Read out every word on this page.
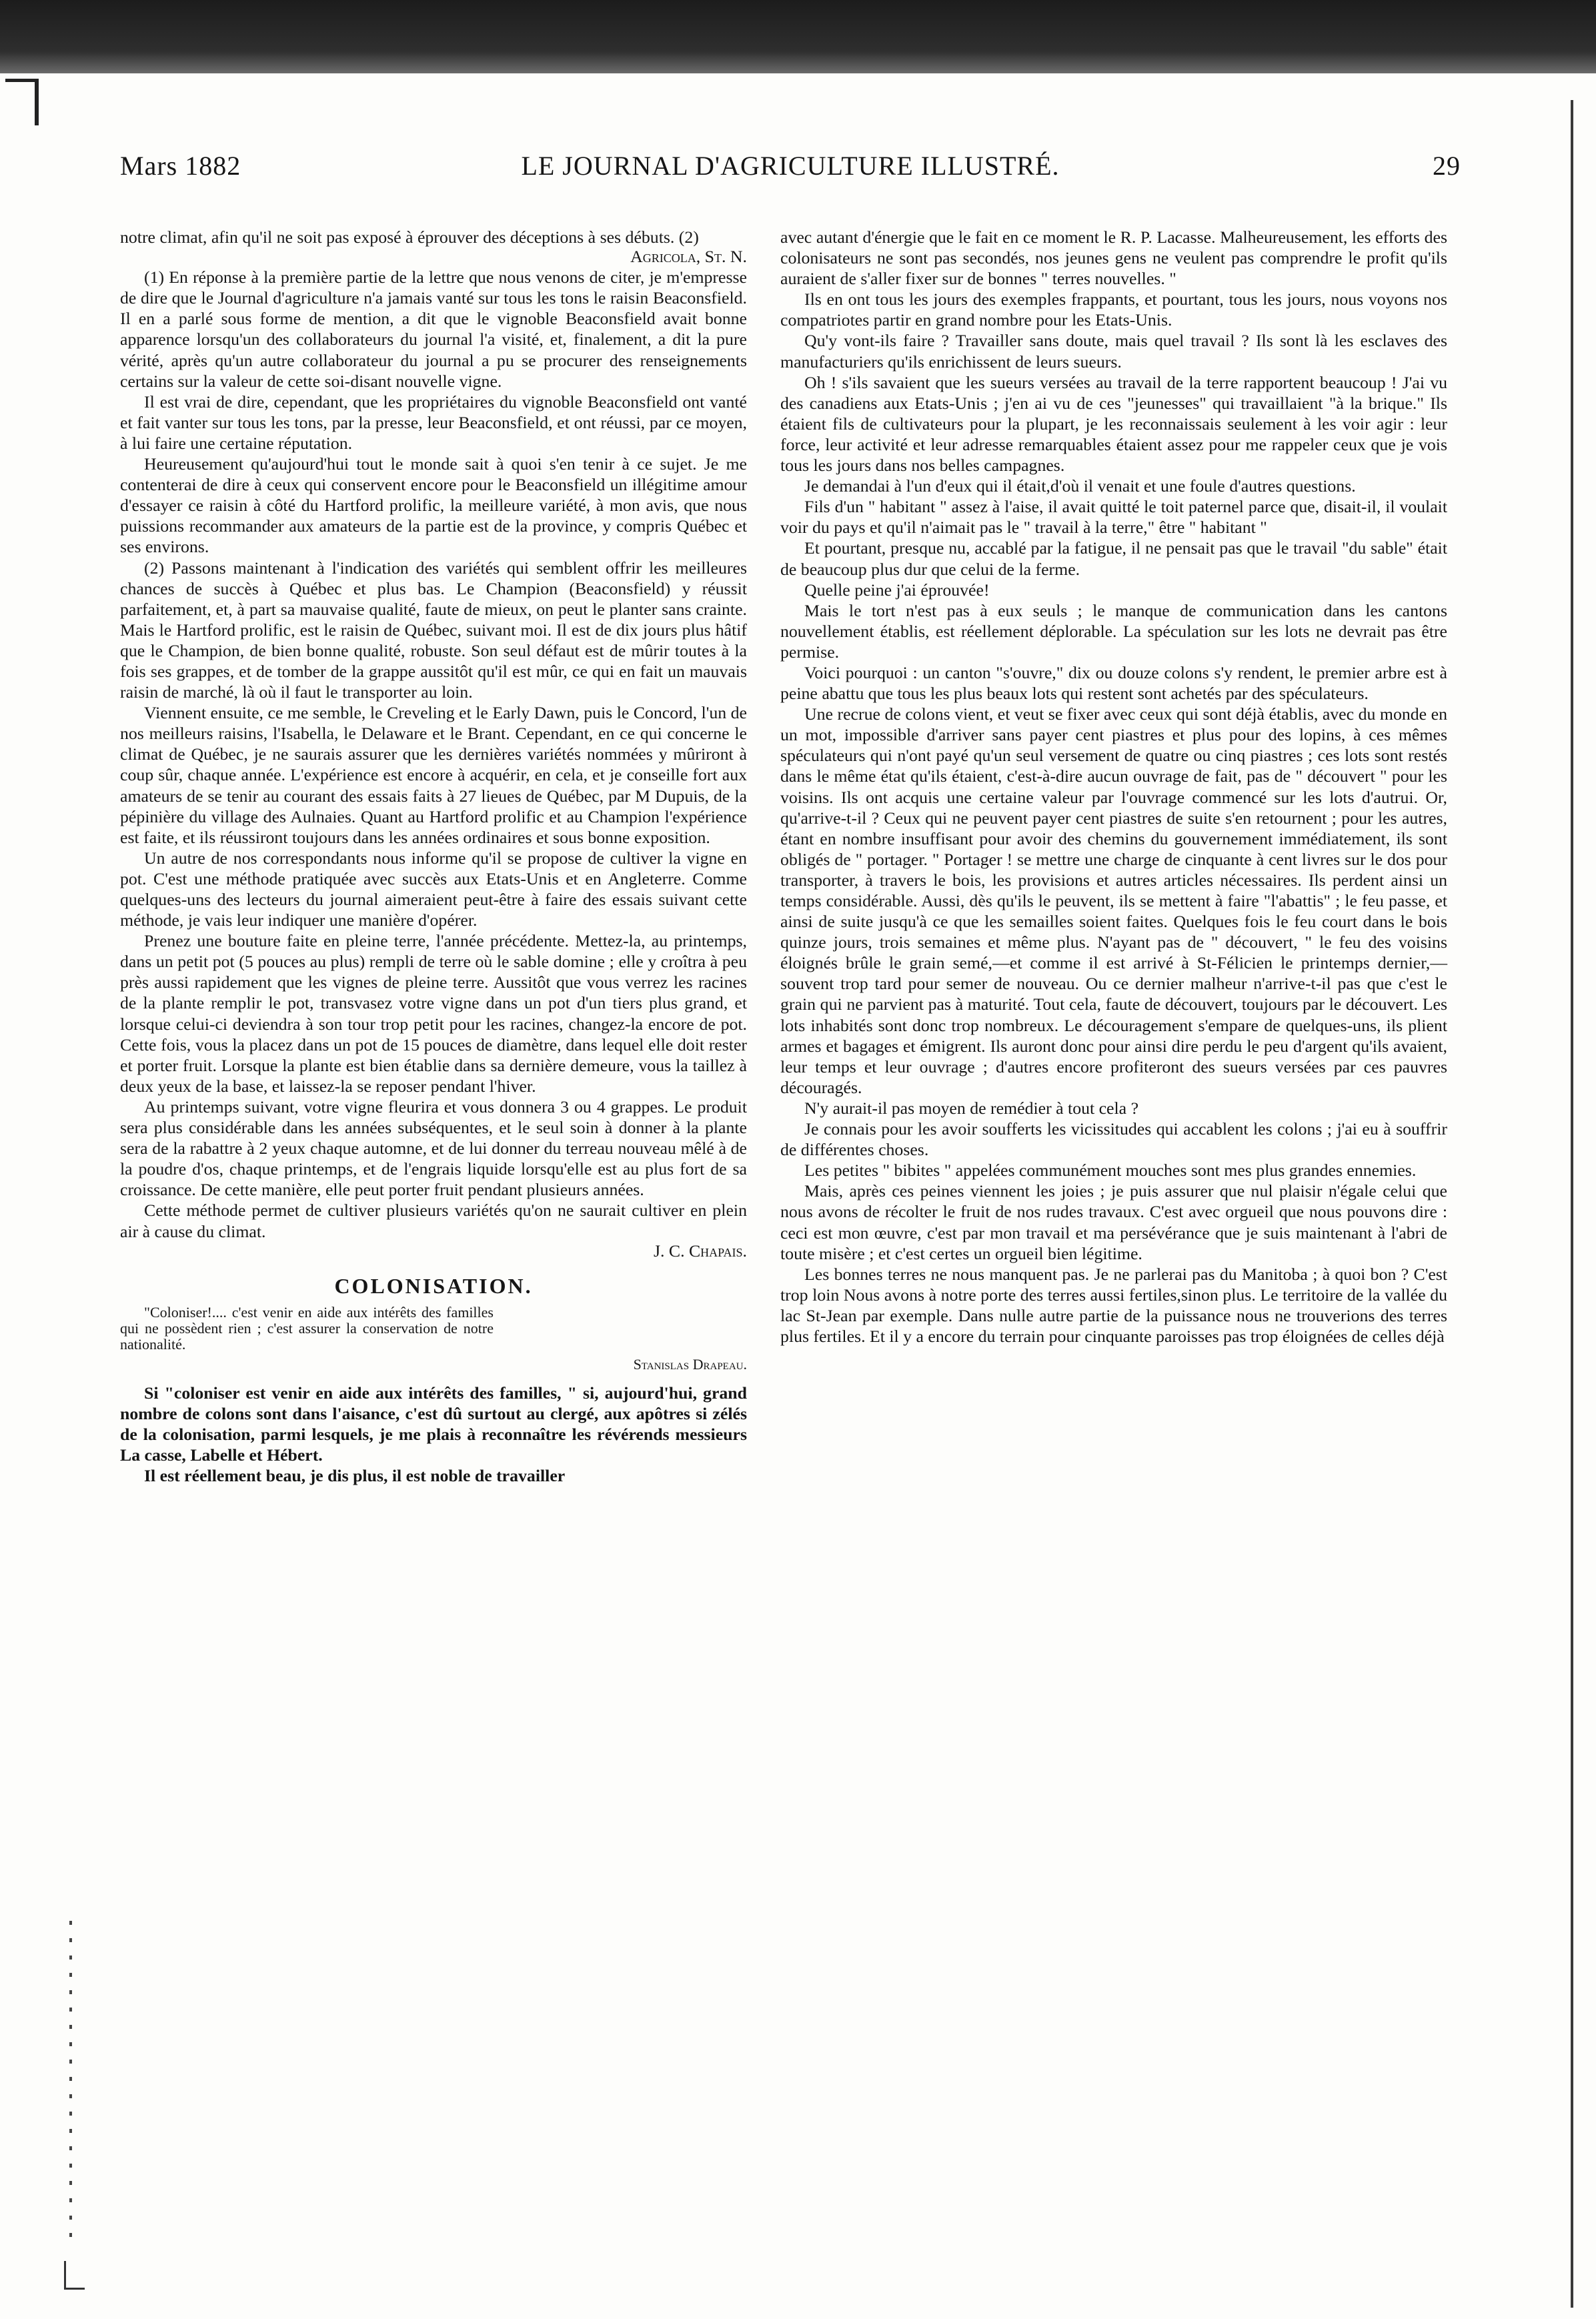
Mars 1882	LE JOURNAL D'AGRICULTURE ILLUSTRÉ.	29

notre climat, afin qu'il ne soit pas exposé à éprouver des déceptions à ses débuts. (2)

Agricola, St. N.

(1) En réponse à la première partie de la lettre que nous venons de citer, je m'empresse de dire que le Journal d'agriculture n'a jamais vanté sur tous les tons le raisin Beaconsfield. Il en a parlé sous forme de mention, a dit que le vignoble Beaconsfield avait bonne apparence lorsqu'un des collaborateurs du journal l'a visité, et, finalement, a dit la pure vérité, après qu'un autre collaborateur du journal a pu se procurer des renseignements certains sur la valeur de cette soi-disant nouvelle vigne.

Il est vrai de dire, cependant, que les propriétaires du vignoble Beaconsfield ont vanté et fait vanter sur tous les tons, par la presse, leur Beaconsfield, et ont réussi, par ce moyen, à lui faire une certaine réputation.

Heureusement qu'aujourd'hui tout le monde sait à quoi s'en tenir à ce sujet. Je me contenterai de dire à ceux qui conservent encore pour le Beaconsfield un illégitime amour d'essayer ce raisin à côté du Hartford prolific, la meilleure variété, à mon avis, que nous puissions recommander aux amateurs de la partie est de la province, y compris Québec et ses environs.

(2) Passons maintenant à l'indication des variétés qui semblent offrir les meilleures chances de succès à Québec et plus bas. Le Champion (Beaconsfield) y réussit parfaitement, et, à part sa mauvaise qualité, faute de mieux, on peut le planter sans crainte. Mais le Hartford prolific, est le raisin de Québec, suivant moi. Il est de dix jours plus hâtif que le Champion, de bien bonne qualité, robuste. Son seul défaut est de mûrir toutes à la fois ses grappes, et de tomber de la grappe aussitôt qu'il est mûr, ce qui en fait un mauvais raisin de marché, là où il faut le transporter au loin.

Viennent ensuite, ce me semble, le Creveling et le Early Dawn, puis le Concord, l'un de nos meilleurs raisins, l'Isabella, le Delaware et le Brant. Cependant, en ce qui concerne le climat de Québec, je ne saurais assurer que les dernières variétés nommées y mûriront à coup sûr, chaque année. L'expérience est encore à acquérir, en cela, et je conseille fort aux amateurs de se tenir au courant des essais faits à 27 lieues de Québec, par M Dupuis, de la pépinière du village des Aulnaies. Quant au Hartford prolific et au Champion l'expérience est faite, et ils réussiront toujours dans les années ordinaires et sous bonne exposition.

Un autre de nos correspondants nous informe qu'il se propose de cultiver la vigne en pot. C'est une méthode pratiquée avec succès aux Etats-Unis et en Angleterre. Comme quelques-uns des lecteurs du journal aimeraient peut-être à faire des essais suivant cette méthode, je vais leur indiquer une manière d'opérer.

Prenez une bouture faite en pleine terre, l'année précédente. Mettez-la, au printemps, dans un petit pot (5 pouces au plus) rempli de terre où le sable domine ; elle y croîtra à peu près aussi rapidement que les vignes de pleine terre. Aussitôt que vous verrez les racines de la plante remplir le pot, transvasez votre vigne dans un pot d'un tiers plus grand, et lorsque celui-ci deviendra à son tour trop petit pour les racines, changez-la encore de pot. Cette fois, vous la placez dans un pot de 15 pouces de diamètre, dans lequel elle doit rester et porter fruit. Lorsque la plante est bien établie dans sa dernière demeure, vous la taillez à deux yeux de la base, et laissez-la se reposer pendant l'hiver.

Au printemps suivant, votre vigne fleurira et vous donnera 3 ou 4 grappes. Le produit sera plus considérable dans les années subséquentes, et le seul soin à donner à la plante sera de la rabattre à 2 yeux chaque automne, et de lui donner du terreau nouveau mêlé à de la poudre d'os, chaque printemps, et de l'engrais liquide lorsqu'elle est au plus fort de sa croissance. De cette manière, elle peut porter fruit pendant plusieurs années.

Cette méthode permet de cultiver plusieurs variétés qu'on ne saurait cultiver en plein air à cause du climat.

J. C. Chapais.
COLONISATION.

"Coloniser!.... c'est venir en aide aux intérêts des familles qui ne possèdent rien ; c'est assurer la conservation de notre nationalité.

Stanislas Drapeau.

Si "coloniser est venir en aide aux intérêts des familles, " si, aujourd'hui, grand nombre de colons sont dans l'aisance, c'est dû surtout au clergé, aux apôtres si zélés de la colonisation, parmi lesquels, je me plais à reconnaître les révérends messieurs La casse, Labelle et Hébert.

Il est réellement beau, je dis plus, il est noble de travailler

avec autant d'énergie que le fait en ce moment le R. P. Lacasse. Malheureusement, les efforts des colonisateurs ne sont pas secondés, nos jeunes gens ne veulent pas comprendre le profit qu'ils auraient de s'aller fixer sur de bonnes " terres nouvelles. "

Ils en ont tous les jours des exemples frappants, et pourtant, tous les jours, nous voyons nos compatriotes partir en grand nombre pour les Etats-Unis.

Qu'y vont-ils faire ? Travailler sans doute, mais quel travail ? Ils sont là les esclaves des manufacturiers qu'ils enrichissent de leurs sueurs.

Oh ! s'ils savaient que les sueurs versées au travail de la terre rapportent beaucoup ! J'ai vu des canadiens aux Etats-Unis ; j'en ai vu de ces "jeunesses" qui travaillaient "à la brique." Ils étaient fils de cultivateurs pour la plupart, je les reconnaissais seulement à les voir agir : leur force, leur activité et leur adresse remarquables étaient assez pour me rappeler ceux que je vois tous les jours dans nos belles campagnes.

Je demandai à l'un d'eux qui il était,d'où il venait et une foule d'autres questions.

Fils d'un " habitant " assez à l'aise, il avait quitté le toit paternel parce que, disait-il, il voulait voir du pays et qu'il n'aimait pas le " travail à la terre," être " habitant "

Et pourtant, presque nu, accablé par la fatigue, il ne pensait pas que le travail "du sable" était de beaucoup plus dur que celui de la ferme.

Quelle peine j'ai éprouvée!

Mais le tort n'est pas à eux seuls ; le manque de communication dans les cantons nouvellement établis, est réellement déplorable. La spéculation sur les lots ne devrait pas être permise.

Voici pourquoi : un canton "s'ouvre," dix ou douze colons s'y rendent, le premier arbre est à peine abattu que tous les plus beaux lots qui restent sont achetés par des spéculateurs.

Une recrue de colons vient, et veut se fixer avec ceux qui sont déjà établis, avec du monde en un mot, impossible d'arriver sans payer cent piastres et plus pour des lopins, à ces mêmes spéculateurs qui n'ont payé qu'un seul versement de quatre ou cinq piastres ; ces lots sont restés dans le même état qu'ils étaient, c'est-à-dire aucun ouvrage de fait, pas de " découvert " pour les voisins. Ils ont acquis une certaine valeur par l'ouvrage commencé sur les lots d'autrui. Or, qu'arrive-t-il ? Ceux qui ne peuvent payer cent piastres de suite s'en retournent ; pour les autres, étant en nombre insuffisant pour avoir des chemins du gouvernement immédiatement, ils sont obligés de " portager. " Portager ! se mettre une charge de cinquante à cent livres sur le dos pour transporter, à travers le bois, les provisions et autres articles nécessaires. Ils perdent ainsi un temps considérable. Aussi, dès qu'ils le peuvent, ils se mettent à faire "l'abattis" ; le feu passe, et ainsi de suite jusqu'à ce que les semailles soient faites. Quelques fois le feu court dans le bois quinze jours, trois semaines et même plus. N'ayant pas de " découvert, " le feu des voisins éloignés brûle le grain semé,—et comme il est arrivé à St-Félicien le printemps dernier,—souvent trop tard pour semer de nouveau. Ou ce dernier malheur n'arrive-t-il pas que c'est le grain qui ne parvient pas à maturité. Tout cela, faute de découvert, toujours par le découvert. Les lots inhabités sont donc trop nombreux. Le découragement s'empare de quelques-uns, ils plient armes et bagages et émigrent. Ils auront donc pour ainsi dire perdu le peu d'argent qu'ils avaient, leur temps et leur ouvrage ; d'autres encore profiteront des sueurs versées par ces pauvres découragés.

N'y aurait-il pas moyen de remédier à tout cela ?

Je connais pour les avoir soufferts les vicissitudes qui accablent les colons ; j'ai eu à souffrir de différentes choses.

Les petites " bibites " appelées communément mouches sont mes plus grandes ennemies.

Mais, après ces peines viennent les joies ; je puis assurer que nul plaisir n'égale celui que nous avons de récolter le fruit de nos rudes travaux. C'est avec orgueil que nous pouvons dire : ceci est mon œuvre, c'est par mon travail et ma persévérance que je suis maintenant à l'abri de toute misère ; et c'est certes un orgueil bien légitime.

Les bonnes terres ne nous manquent pas. Je ne parlerai pas du Manitoba ; à quoi bon ? C'est trop loin Nous avons à notre porte des terres aussi fertiles,sinon plus. Le territoire de la vallée du lac St-Jean par exemple. Dans nulle autre partie de la puissance nous ne trouverions des terres plus fertiles. Et il y a encore du terrain pour cinquante paroisses pas trop éloignées de celles déjà
